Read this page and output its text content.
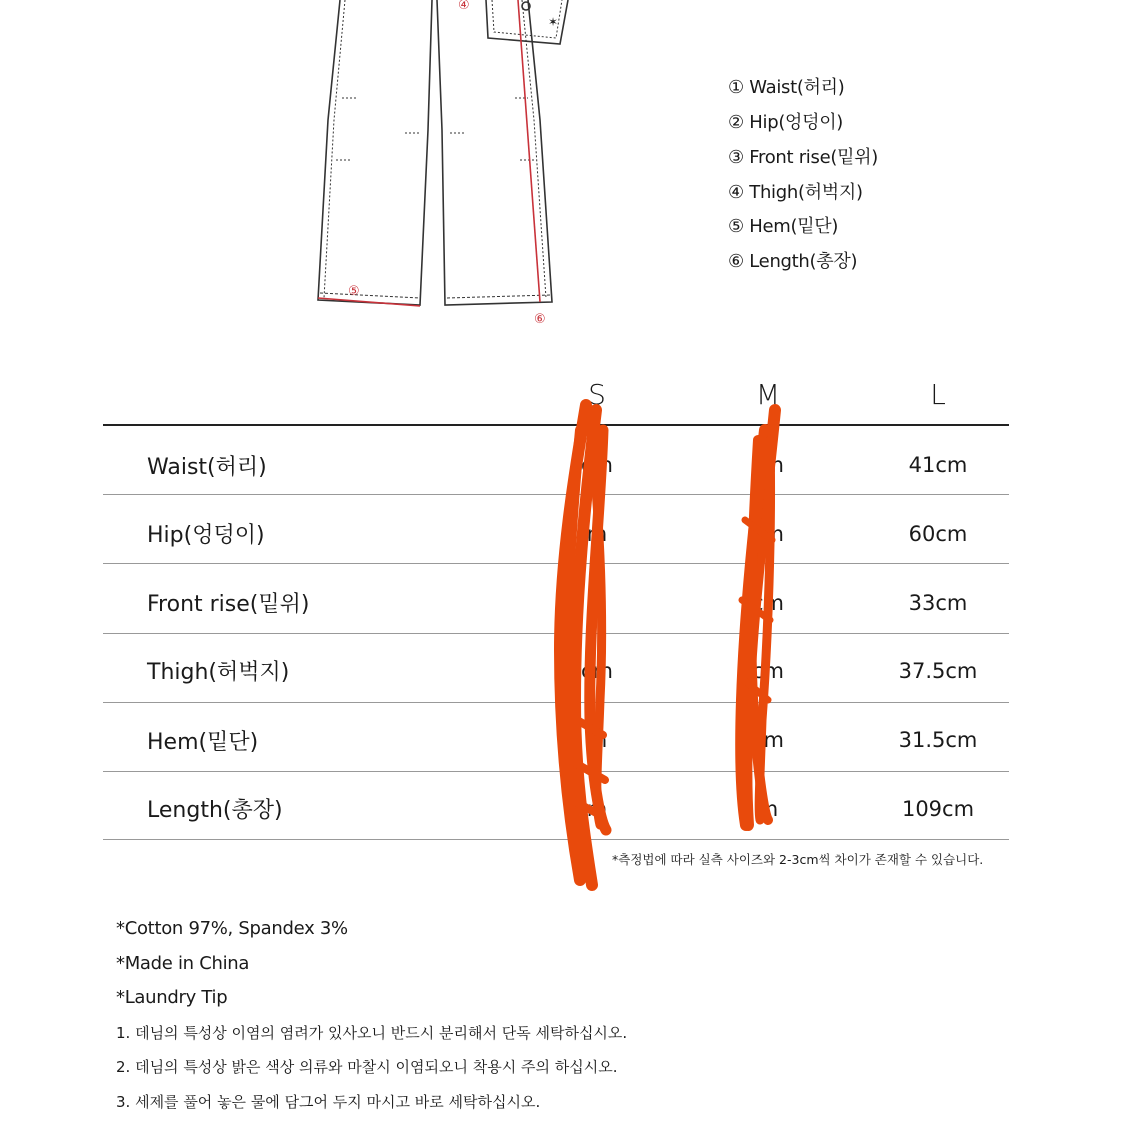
✶
④
⑤
⑥
① Waist(허리)
② Hip(엉덩이)
③ Front rise(밑위)
④ Thigh(허벅지)
⑤ Hem(밑단)
⑥ Length(총장)
S	M	L
Waist(허리)	cm	cm	41cm
Hip(엉덩이)	m	cm	60cm
Front rise(밑위)	m	cm	33cm
Thigh(허벅지)	cm	cm	37.5cm
Hem(밑단)	m	cm	31.5cm
Length(총장)	m	m	109cm
*측정법에 따라 실측 사이즈와 2-3cm씩 차이가 존재할 수 있습니다.
*Cotton 97%, Spandex 3%
*Made in China
*Laundry Tip
1. 데님의 특성상 이염의 염려가 있사오니 반드시 분리해서 단독 세탁하십시오.
2. 데님의 특성상 밝은 색상 의류와 마찰시 이염되오니 착용시 주의 하십시오.
3. 세제를 풀어 놓은 물에 담그어 두지 마시고 바로 세탁하십시오.
